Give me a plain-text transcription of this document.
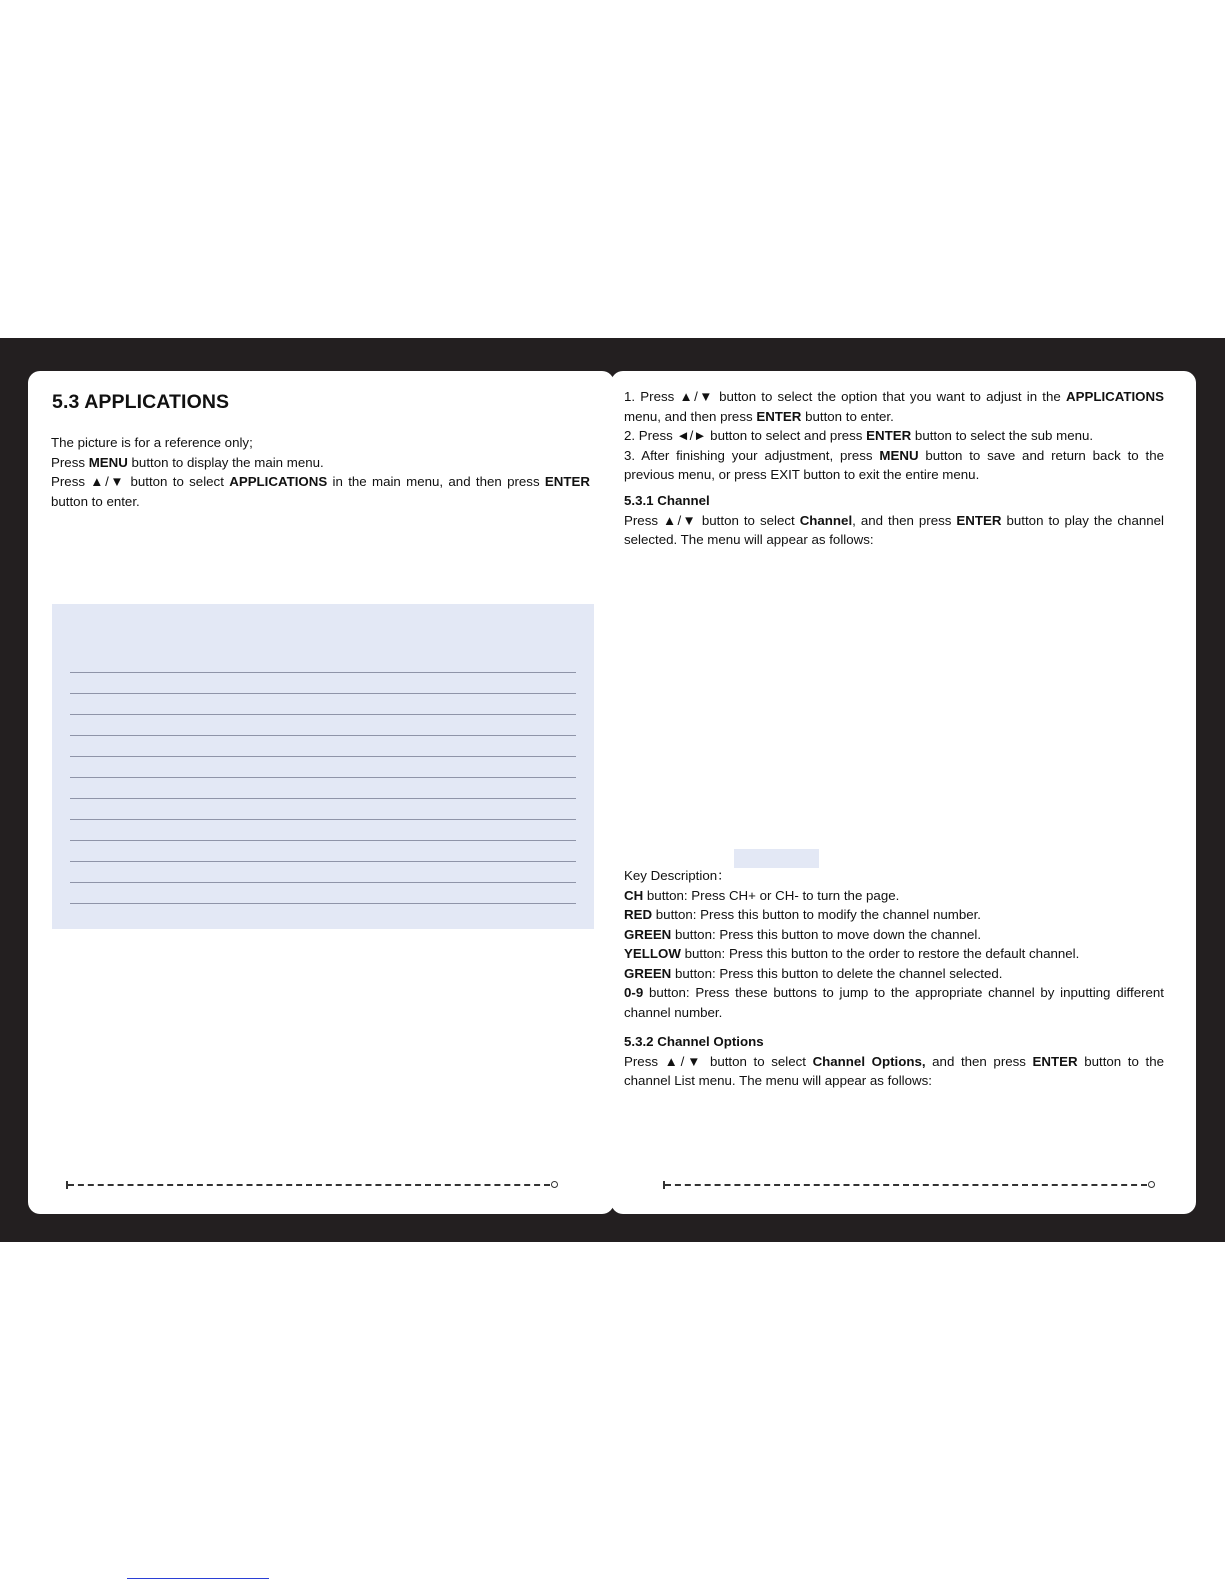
5.3 APPLICATIONS

The picture is for a reference only;

Press MENU button to display the main menu.

Press ▲/▼ button to select APPLICATIONS in the main menu, and then press ENTER button to enter.

1. Press ▲/▼ button to select the option that you want to adjust in the APPLICATIONS menu, and then press ENTER button to enter.

2. Press ◄/► button to select and press ENTER button to select the sub menu.

3. After finishing your adjustment, press MENU button to save and return back to the previous menu, or press EXIT button to exit the entire menu.

5.3.1 Channel

Press ▲/▼ button to select Channel, and then press ENTER button to play the channel selected. The menu will appear as follows:

Key Description：

CH button: Press CH+ or CH- to turn the page.

RED button: Press this button to modify the channel number.

GREEN button: Press this button to move down the channel.

YELLOW button: Press this button to the order to restore the default channel.

GREEN button: Press this button to delete the channel selected.

0-9 button: Press these buttons to jump to the appropriate channel by inputting different channel number.

5.3.2 Channel Options

Press ▲/▼ button to select Channel Options, and then press ENTER button to the channel List menu. The menu will appear as follows:
